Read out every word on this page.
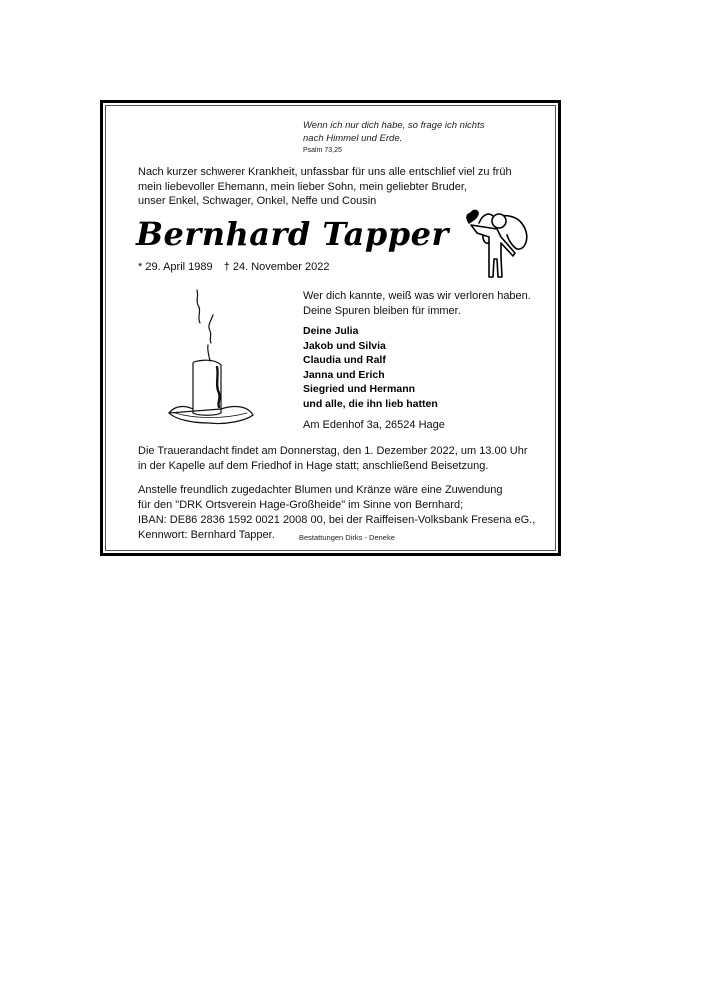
Wenn ich nur dich habe, so frage ich nichts
nach Himmel und Erde.
Psalm 73,25
Nach kurzer schwerer Krankheit, unfassbar für uns alle entschlief viel zu früh
mein liebevoller Ehemann, mein lieber Sohn, mein geliebter Bruder,
unser Enkel, Schwager, Onkel, Neffe und Cousin
Bernhard Tapper
* 29. April 1989 † 24. November 2022
Wer dich kannte, weiß was wir verloren haben.
Deine Spuren bleiben für immer.
Deine Julia
Jakob und Silvia
Claudia und Ralf
Janna und Erich
Siegried und Hermann
und alle, die ihn lieb hatten
Am Edenhof 3a, 26524 Hage
Die Trauerandacht findet am Donnerstag, den 1. Dezember 2022, um 13.00 Uhr
in der Kapelle auf dem Friedhof in Hage statt; anschließend Beisetzung.
Anstelle freundlich zugedachter Blumen und Kränze wäre eine Zuwendung
für den "DRK Ortsverein Hage-Großheide" im Sinne von Bernhard;
IBAN: DE86 2836 1592 0021 2008 00, bei der Raiffeisen-Volksbank Fresena eG.,
Kennwort: Bernhard Tapper.	Bestattungen Dirks - Deneke
